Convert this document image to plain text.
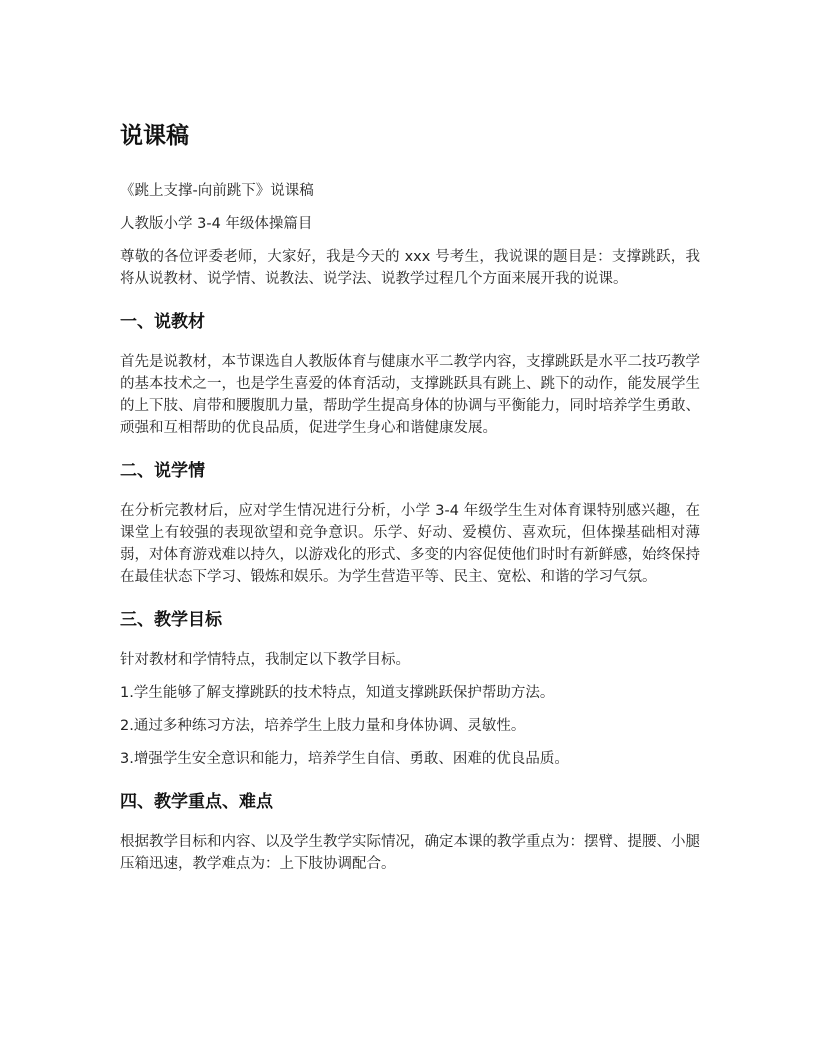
说课稿

《跳上支撑-向前跳下》说课稿

人教版小学 3-4 年级体操篇目

尊敬的各位评委老师，大家好，我是今天的 xxx 号考生，我说课的题目是：支撑跳跃，我将从说教材、说学情、说教法、说学法、说教学过程几个方面来展开我的说课。

一、说教材

首先是说教材，本节课选自人教版体育与健康水平二教学内容，支撑跳跃是水平二技巧教学的基本技术之一，也是学生喜爱的体育活动，支撑跳跃具有跳上、跳下的动作，能发展学生的上下肢、肩带和腰腹肌力量，帮助学生提高身体的协调与平衡能力，同时培养学生勇敢、顽强和互相帮助的优良品质，促进学生身心和谐健康发展。

二、说学情

在分析完教材后，应对学生情况进行分析，小学 3-4 年级学生生对体育课特别感兴趣，在课堂上有较强的表现欲望和竞争意识。乐学、好动、爱模仿、喜欢玩，但体操基础相对薄弱，对体育游戏难以持久，以游戏化的形式、多变的内容促使他们时时有新鲜感，始终保持在最佳状态下学习、锻炼和娱乐。为学生营造平等、民主、宽松、和谐的学习气氛。

三、教学目标

针对教材和学情特点，我制定以下教学目标。

1.学生能够了解支撑跳跃的技术特点，知道支撑跳跃保护帮助方法。

2.通过多种练习方法，培养学生上肢力量和身体协调、灵敏性。

3.增强学生安全意识和能力，培养学生自信、勇敢、困难的优良品质。

四、教学重点、难点

根据教学目标和内容、以及学生教学实际情况，确定本课的教学重点为：摆臂、提腰、小腿压箱迅速，教学难点为：上下肢协调配合。
